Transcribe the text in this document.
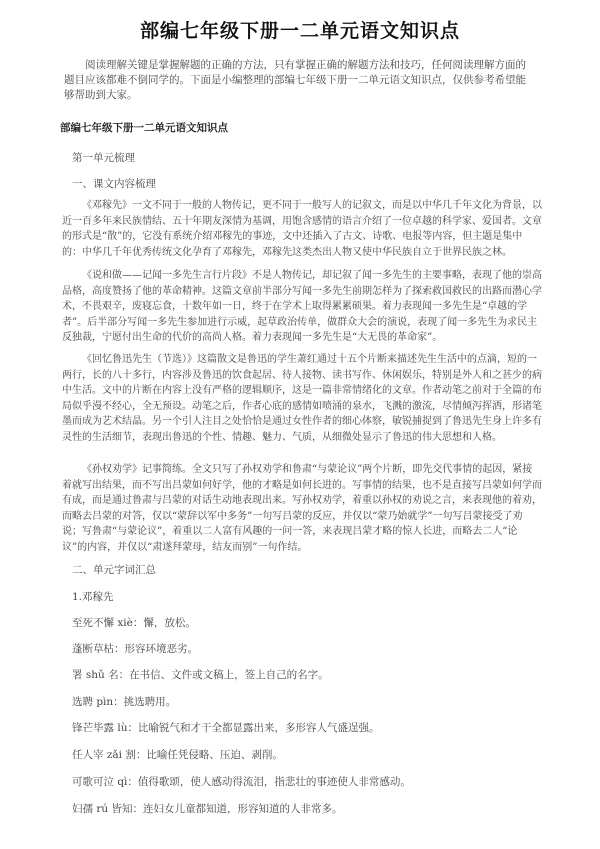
部编七年级下册一二单元语文知识点
阅读理解关键是掌握解题的正确的方法，只有掌握正确的解题方法和技巧，任何阅读理解方面的题目应该都难不倒同学的。下面是小编整理的部编七年级下册一二单元语文知识点，仅供参考希望能够帮助到大家。
部编七年级下册一二单元语文知识点
第一单元梳理
一、课文内容梳理
《邓稼先》一文不同于一般的人物传记，更不同于一般写人的记叙文，而是以中华几千年文化为背景，以近一百多年来民族情结、五十年期友深情为基调，用饱含感情的语言介绍了一位卓越的科学家、爱国者。文章的形式是“散”的，它没有系统介绍邓稼先的事迹，文中还插入了古文、诗歌、电报等内容，但主题是集中的：中华几千年优秀传统文化孕育了邓稼先，邓稼先这类杰出人物又使中华民族自立于世界民族之林。
《说和做——记闻一多先生言行片段》不是人物传记，却记叙了闻一多先生的主要事略，表现了他的崇高品格，高度赞扬了他的革命精神。这篇文章前半部分写闻一多先生前期怎样为了探索救国救民的出路而潜心学术，不畏艰辛，废寝忘食，十数年如一日，终于在学术上取得累累硕果。着力表现闻一多先生是“卓越的学者”。后半部分写闻一多先生参加进行示威，起草政治传单，做群众大会的演说，表现了闻一多先生为求民主反独裁，宁愿付出生命的代价的高尚人格。着力表现闻一多先生是“大无畏的革命家”。
《回忆鲁迅先生（节选）》这篇散文是鲁迅的学生萧红通过十五个片断来描述先生生活中的点滴，短的一两行，长的八十多行，内容涉及鲁迅的饮食起居、待人接物、读书写作、休闲娱乐，特别是外人和之甚少的病中生活。文中的片断在内容上没有严格的逻辑顺序，这是一篇非常情绪化的文章。作者动笔之前对于全篇的布局似乎漫不经心，全无预设。动笔之后，作者心底的感情如喷涌的泉水，飞溅的激流，尽情倾泻挥洒，形诸笔墨而成为艺术结晶。另一个引人注目之处恰恰是通过女性作者的细心体察，敏锐捕捉到了鲁迅先生身上许多有灵性的生活细节，表现出鲁迅的个性、情趣、魅力、气质，从细微处显示了鲁迅的伟大思想和人格。
《孙权劝学》记事简练。全文只写了孙权劝学和鲁肃“与蒙论议”两个片断，即先交代事情的起因，紧接着就写出结果，而不写出吕蒙如何好学，他的才略是如何长进的。写事情的结果，也不是直接写吕蒙如何学而有成，而是通过鲁肃与吕蒙的对话生动地表现出来。写孙权劝学，着重以孙权的劝说之言，来表现他的着劝，而略去吕蒙的对答，仅以“蒙辞以军中多务”一句写吕蒙的反应，并仅以“蒙乃始就学”一句写吕蒙接受了劝说；写鲁肃“与蒙论议”，着重以二人富有风趣的一问一答，来表现吕蒙才略的惊人长进，而略去二人“论议”的内容，并仅以“肃遂拜蒙母，结友而别”一句作结。
二、单元字词汇总
1.邓稼先
至死不懈 xiè：懈，放松。
蓬断草枯：形容环境恶劣。
署 shǔ 名：在书信、文件或文稿上，签上自己的名字。
选聘 pìn：挑选聘用。
锋芒毕露 lù：比喻锐气和才干全都显露出来，多形容人气盛逞强。
任人宰 zǎi 割：比喻任凭侵略、压迫、剥削。
可歌可泣 qì：值得歌颂，使人感动得流泪，指悲壮的事迹使人非常感动。
妇孺 rú 皆知：连妇女儿童都知道，形容知道的人非常多。
